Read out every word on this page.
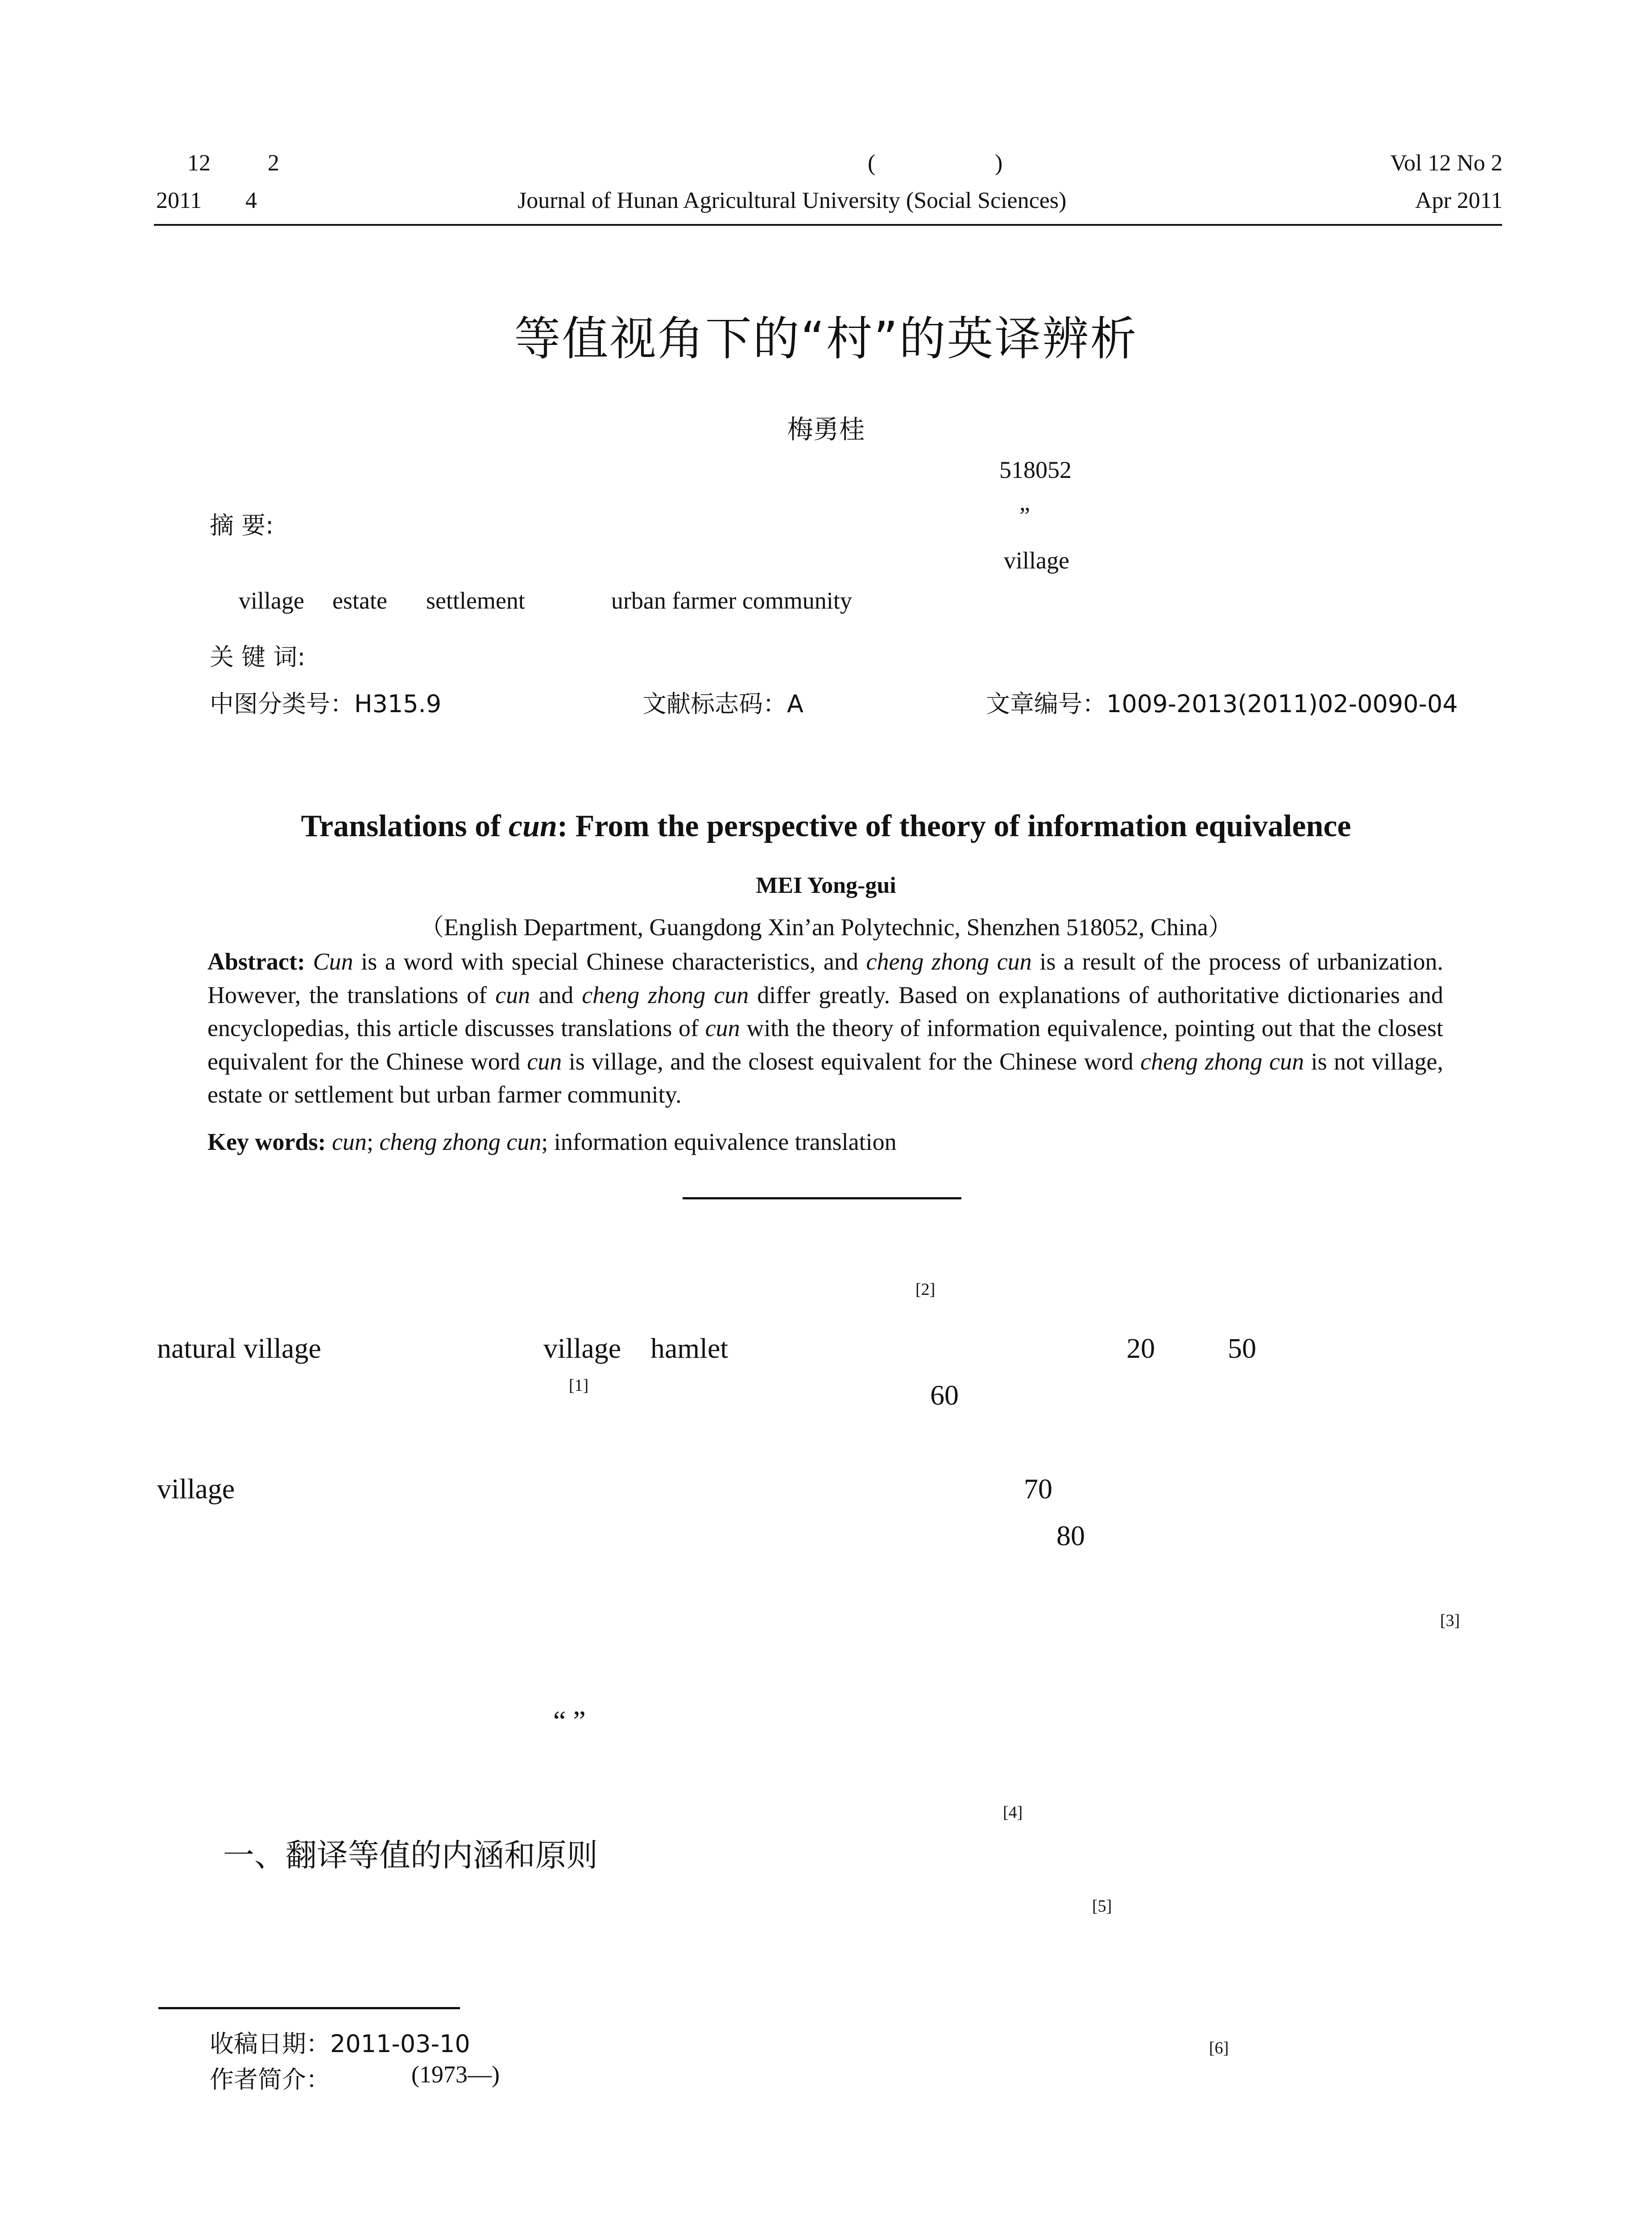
12 2	(	)	Vol 12 No 2
2011 4	Journal of Hunan Agricultural University (Social Sciences)	Apr 2011
等值视角下的“村”的英译辨析
梅勇桂
518052
摘 要:	”
village
village estate settlement	urban farmer community
关 键 词:
中图分类号：H315.9	文献标志码：A	文章编号：1009-2013(2011)02-0090-04
Translations of cun: From the perspective of theory of information equivalence
MEI Yong-gui
（English Department, Guangdong Xin’an Polytechnic, Shenzhen 518052, China）
Abstract: Cun is a word with special Chinese characteristics, and cheng zhong cun is a result of the process of urbanization. However, the translations of cun and cheng zhong cun differ greatly. Based on explanations of authoritative dictionaries and encyclopedias, this article discusses translations of cun with the theory of information equivalence, pointing out that the closest equivalent for the Chinese word cun is village, and the closest equivalent for the Chinese word cheng zhong cun is not village, estate or settlement but urban farmer community.
Key words: cun; cheng zhong cun; information equivalence translation
[2]
natural village	village hamlet	20	50
[1]	60
village	70
80
[3]
“ ”
[4]
一、翻译等值的内涵和原则
[5]
收稿日期：2011-03-10	[6]
作者简介：	(1973—)
